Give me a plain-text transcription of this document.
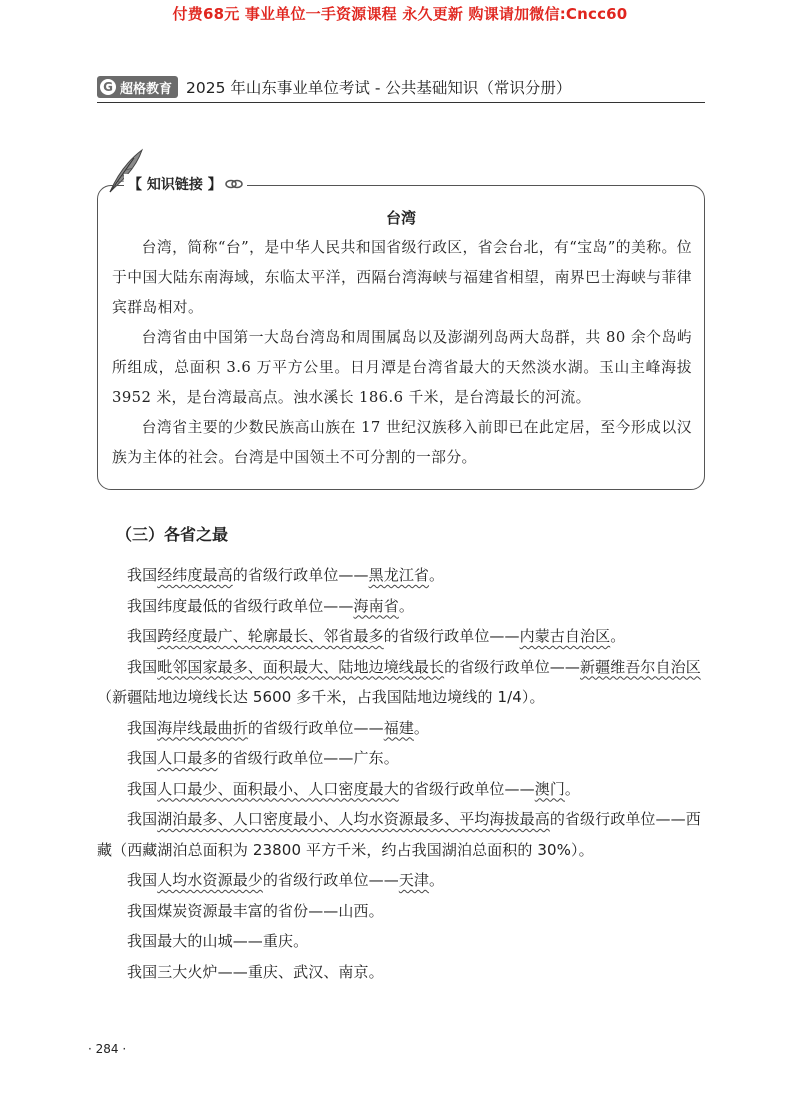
付费68元 事业单位一手资源课程 永久更新 购课请加微信:Cncc60
G 超格教育 2025 年山东事业单位考试 - 公共基础知识（常识分册）
【 知识链接 】
台湾

台湾，简称“台”，是中华人民共和国省级行政区，省会台北，有“宝岛”的美称。位于中国大陆东南海域，东临太平洋，西隔台湾海峡与福建省相望，南界巴士海峡与菲律宾群岛相对。

台湾省由中国第一大岛台湾岛和周围属岛以及澎湖列岛两大岛群，共 80 余个岛屿所组成，总面积 3.6 万平方公里。日月潭是台湾省最大的天然淡水湖。玉山主峰海拔 3952 米，是台湾最高点。浊水溪长 186.6 千米，是台湾最长的河流。

台湾省主要的少数民族高山族在 17 世纪汉族移入前即已在此定居，至今形成以汉族为主体的社会。台湾是中国领土不可分割的一部分。

（三）各省之最

我国经纬度最高的省级行政单位——黑龙江省。

我国纬度最低的省级行政单位——海南省。

我国跨经度最广、轮廓最长、邻省最多的省级行政单位——内蒙古自治区。

我国毗邻国家最多、面积最大、陆地边境线最长的省级行政单位——新疆维吾尔自治区（新疆陆地边境线长达 5600 多千米，占我国陆地边境线的 1/4）。

我国海岸线最曲折的省级行政单位——福建。

我国人口最多的省级行政单位——广东。

我国人口最少、面积最小、人口密度最大的省级行政单位——澳门。

我国湖泊最多、人口密度最小、人均水资源最多、平均海拔最高的省级行政单位——西藏（西藏湖泊总面积为 23800 平方千米，约占我国湖泊总面积的 30%）。

我国人均水资源最少的省级行政单位——天津。

我国煤炭资源最丰富的省份——山西。

我国最大的山城——重庆。

我国三大火炉——重庆、武汉、南京。

· 284 ·
